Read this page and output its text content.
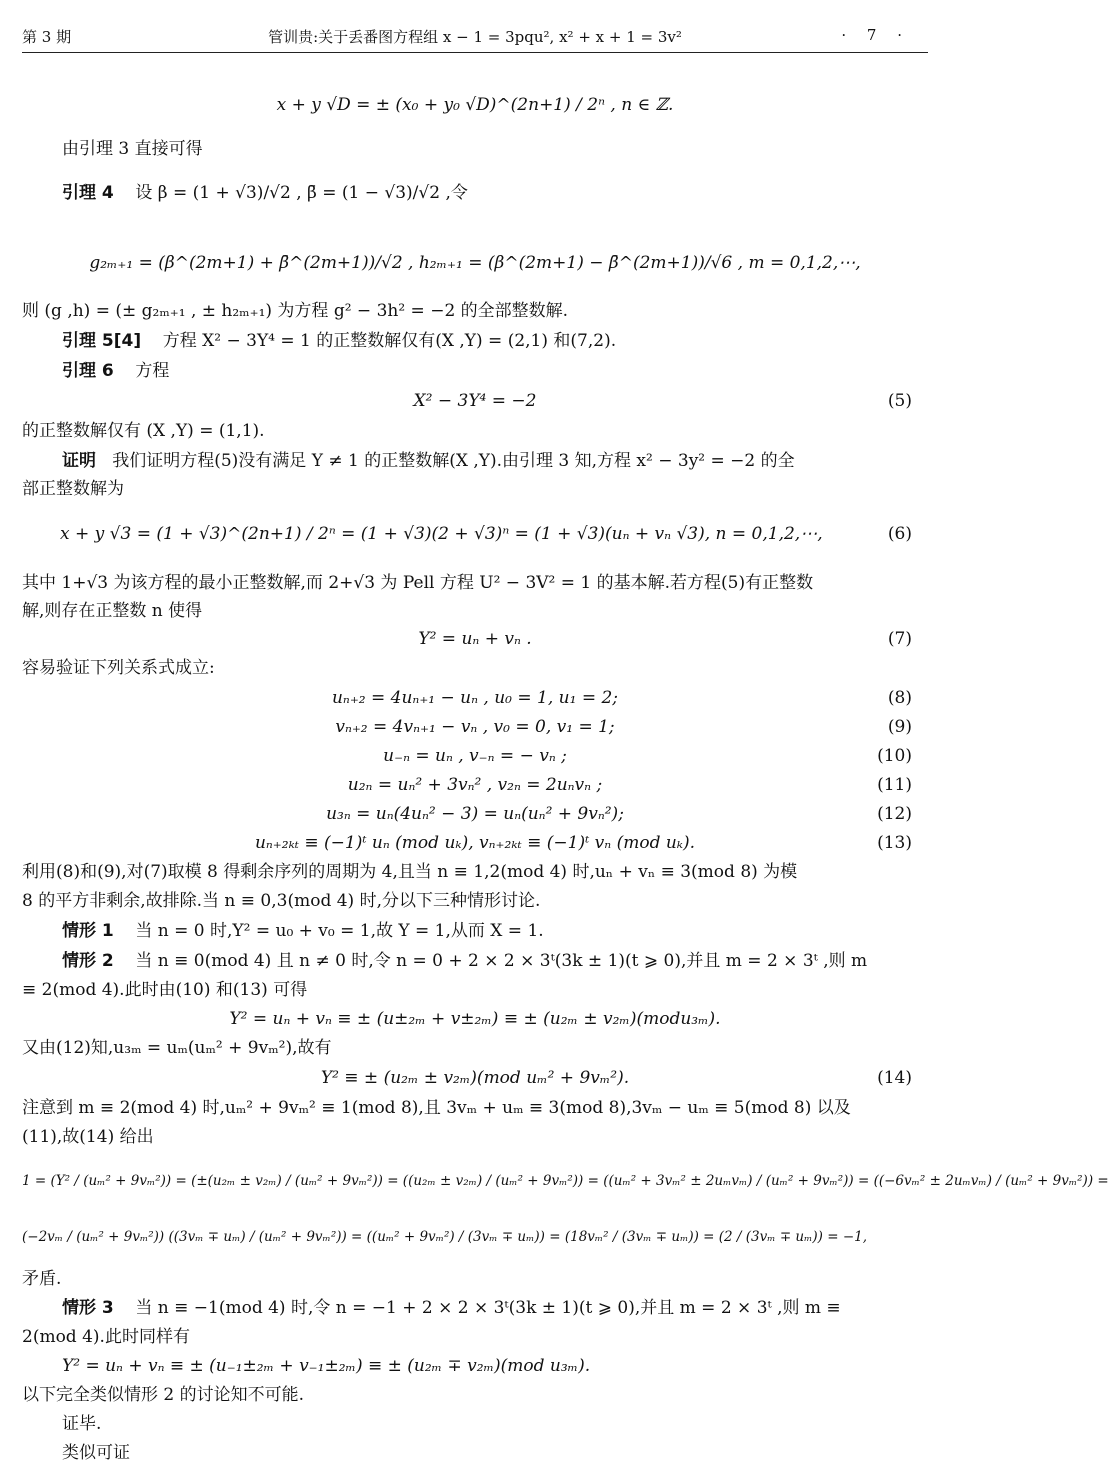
第 3 期	管训贵:关于丢番图方程组 x − 1 = 3pqu², x² + x + 1 = 3v²	· 7 ·
x + y √D = ± (x₀ + y₀ √D)^(2n+1) / 2ⁿ , n ∈ ℤ.
由引理 3 直接可得
引理 4 设 β = (1 + √3)/√2 , β̄ = (1 − √3)/√2 ,令
g₂ₘ₊₁ = (β^(2m+1) + β̄^(2m+1))/√2 , h₂ₘ₊₁ = (β^(2m+1) − β̄^(2m+1))/√6 , m = 0,1,2,⋯,
则 (g ,h) = (± g₂ₘ₊₁ , ± h₂ₘ₊₁) 为方程 g² − 3h² = −2 的全部整数解.
引理 5[4] 方程 X² − 3Y⁴ = 1 的正整数解仅有(X ,Y) = (2,1) 和(7,2).
引理 6 方程
X² − 3Y⁴ = −2	(5)
的正整数解仅有 (X ,Y) = (1,1).
证明 我们证明方程(5)没有满足 Y ≠ 1 的正整数解(X ,Y).由引理 3 知,方程 x² − 3y² = −2 的全
部正整数解为
x + y √3 = (1 + √3)^(2n+1) / 2ⁿ = (1 + √3)(2 + √3)ⁿ = (1 + √3)(uₙ + vₙ √3), n = 0,1,2,⋯,	(6)
其中 1+√3 为该方程的最小正整数解,而 2+√3 为 Pell 方程 U² − 3V² = 1 的基本解.若方程(5)有正整数
解,则存在正整数 n 使得
Y² = uₙ + vₙ .	(7)
容易验证下列关系式成立:
uₙ₊₂ = 4uₙ₊₁ − uₙ , u₀ = 1, u₁ = 2;	(8)
vₙ₊₂ = 4vₙ₊₁ − vₙ , v₀ = 0, v₁ = 1;	(9)
u₋ₙ = uₙ , v₋ₙ = − vₙ ;	(10)
u₂ₙ = uₙ² + 3vₙ² , v₂ₙ = 2uₙvₙ ;	(11)
u₃ₙ = uₙ(4uₙ² − 3) = uₙ(uₙ² + 9vₙ²);	(12)
uₙ₊₂ₖₜ ≡ (−1)ᵗ uₙ (mod uₖ), vₙ₊₂ₖₜ ≡ (−1)ᵗ vₙ (mod uₖ).	(13)
利用(8)和(9),对(7)取模 8 得剩余序列的周期为 4,且当 n ≡ 1,2(mod 4) 时,uₙ + vₙ ≡ 3(mod 8) 为模
8 的平方非剩余,故排除.当 n ≡ 0,3(mod 4) 时,分以下三种情形讨论.
情形 1 当 n = 0 时,Y² = u₀ + v₀ = 1,故 Y = 1,从而 X = 1.
情形 2 当 n ≡ 0(mod 4) 且 n ≠ 0 时,令 n = 0 + 2 × 2 × 3ᵗ(3k ± 1)(t ⩾ 0),并且 m = 2 × 3ᵗ ,则 m
≡ 2(mod 4).此时由(10) 和(13) 可得
Y² = uₙ + vₙ ≡ ± (u±₂ₘ + v±₂ₘ) ≡ ± (u₂ₘ ± v₂ₘ)(modu₃ₘ).
又由(12)知,u₃ₘ = uₘ(uₘ² + 9vₘ²),故有
Y² ≡ ± (u₂ₘ ± v₂ₘ)(mod uₘ² + 9vₘ²).	(14)
注意到 m ≡ 2(mod 4) 时,uₘ² + 9vₘ² ≡ 1(mod 8),且 3vₘ + uₘ ≡ 3(mod 8),3vₘ − uₘ ≡ 5(mod 8) 以及
(11),故(14) 给出
1 = (Y² / (uₘ² + 9vₘ²)) = (±(u₂ₘ ± v₂ₘ) / (uₘ² + 9vₘ²)) = ((u₂ₘ ± v₂ₘ) / (uₘ² + 9vₘ²)) = ((uₘ² + 3vₘ² ± 2uₘvₘ) / (uₘ² + 9vₘ²)) = ((−6vₘ² ± 2uₘvₘ) / (uₘ² + 9vₘ²)) =
(−2vₘ / (uₘ² + 9vₘ²)) ((3vₘ ∓ uₘ) / (uₘ² + 9vₘ²)) = ((uₘ² + 9vₘ²) / (3vₘ ∓ uₘ)) = (18vₘ² / (3vₘ ∓ uₘ)) = (2 / (3vₘ ∓ uₘ)) = −1,
矛盾.
情形 3 当 n ≡ −1(mod 4) 时,令 n = −1 + 2 × 2 × 3ᵗ(3k ± 1)(t ⩾ 0),并且 m = 2 × 3ᵗ ,则 m ≡
2(mod 4).此时同样有
Y² = uₙ + vₙ ≡ ± (u₋₁±₂ₘ + v₋₁±₂ₘ) ≡ ± (u₂ₘ ∓ v₂ₘ)(mod u₃ₘ).
以下完全类似情形 2 的讨论知不可能.
证毕.
类似可证
